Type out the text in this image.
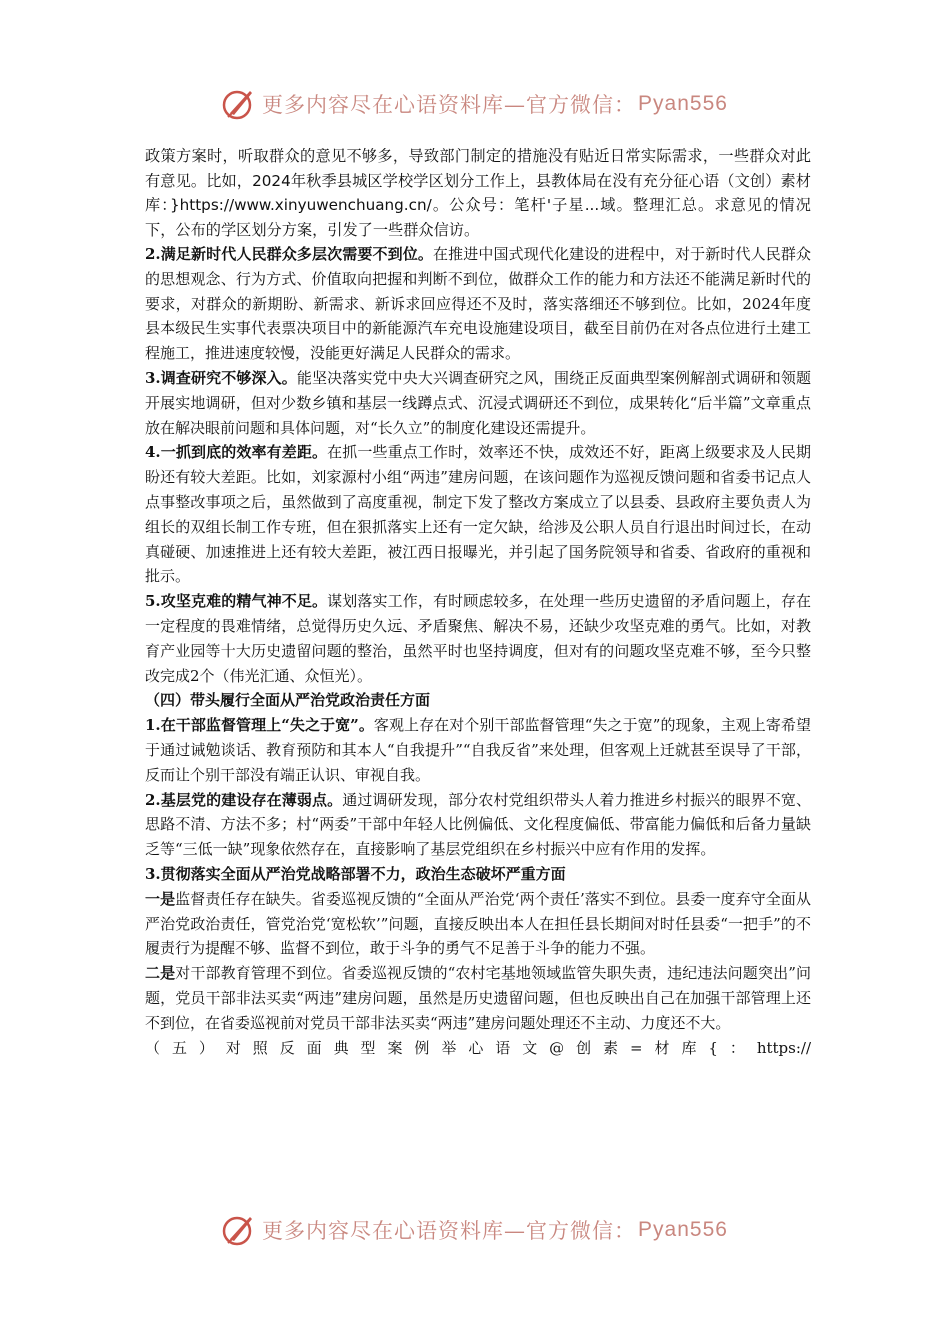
更多内容尽在心语资料库—官方微信： Pyan556

政策方案时，听取群众的意见不够多，导致部门制定的措施没有贴近日常实际需求，一些群众对此有意见。比如，2024年秋季县城区学校学区划分工作上，县教体局在没有充分征心语（文创）素材库：}https://www.xinyuwenchuang.cn/。公众号：笔杆'子星...域。整理汇总。求意见的情况下，公布的学区划分方案，引发了一些群众信访。

2.满足新时代人民群众多层次需要不到位。在推进中国式现代化建设的进程中，对于新时代人民群众的思想观念、行为方式、价值取向把握和判断不到位，做群众工作的能力和方法还不能满足新时代的要求，对群众的新期盼、新需求、新诉求回应得还不及时，落实落细还不够到位。比如，2024年度县本级民生实事代表票决项目中的新能源汽车充电设施建设项目，截至目前仍在对各点位进行土建工程施工，推进速度较慢，没能更好满足人民群众的需求。

3.调查研究不够深入。能坚决落实党中央大兴调查研究之风，围绕正反面典型案例解剖式调研和领题开展实地调研，但对少数乡镇和基层一线蹲点式、沉浸式调研还不到位，成果转化“后半篇”文章重点放在解决眼前问题和具体问题，对“长久立”的制度化建设还需提升。

4.一抓到底的效率有差距。在抓一些重点工作时，效率还不快，成效还不好，距离上级要求及人民期盼还有较大差距。比如，刘家源村小组“两违”建房问题，在该问题作为巡视反馈问题和省委书记点人点事整改事项之后，虽然做到了高度重视，制定下发了整改方案成立了以县委、县政府主要负责人为组长的双组长制工作专班，但在狠抓落实上还有一定欠缺，给涉及公职人员自行退出时间过长，在动真碰硬、加速推进上还有较大差距，被江西日报曝光，并引起了国务院领导和省委、省政府的重视和批示。

5.攻坚克难的精气神不足。谋划落实工作，有时顾虑较多，在处理一些历史遗留的矛盾问题上，存在一定程度的畏难情绪，总觉得历史久远、矛盾聚焦、解决不易，还缺少攻坚克难的勇气。比如，对教育产业园等十大历史遗留问题的整治，虽然平时也坚持调度，但对有的问题攻坚克难不够，至今只整改完成2个（伟光汇通、众恒光）。

（四）带头履行全面从严治党政治责任方面

1.在干部监督管理上“失之于宽”。客观上存在对个别干部监督管理“失之于宽”的现象，主观上寄希望于通过诫勉谈话、教育预防和其本人“自我提升”“自我反省”来处理，但客观上迁就甚至误导了干部，反而让个别干部没有端正认识、审视自我。

2.基层党的建设存在薄弱点。通过调研发现，部分农村党组织带头人着力推进乡村振兴的眼界不宽、思路不清、方法不多；村“两委”干部中年轻人比例偏低、文化程度偏低、带富能力偏低和后备力量缺乏等“三低一缺”现象依然存在，直接影响了基层党组织在乡村振兴中应有作用的发挥。

3.贯彻落实全面从严治党战略部署不力，政治生态破坏严重方面

一是监督责任存在缺失。省委巡视反馈的“全面从严治党‘两个责任’落实不到位。县委一度弃守全面从严治党政治责任，管党治党‘宽松软’”问题，直接反映出本人在担任县长期间对时任县委“一把手”的不履责行为提醒不够、监督不到位，敢于斗争的勇气不足善于斗争的能力不强。

二是对干部教育管理不到位。省委巡视反馈的“农村宅基地领域监管失职失责，违纪违法问题突出”问题，党员干部非法买卖“两违”建房问题，虽然是历史遗留问题，但也反映出自己在加强干部管理上还不到位，在省委巡视前对党员干部非法买卖“两违”建房问题处理还不主动、力度还不大。

（五）对照反面典型案例举心语文@创素=材库{：https://

更多内容尽在心语资料库—官方微信： Pyan556
